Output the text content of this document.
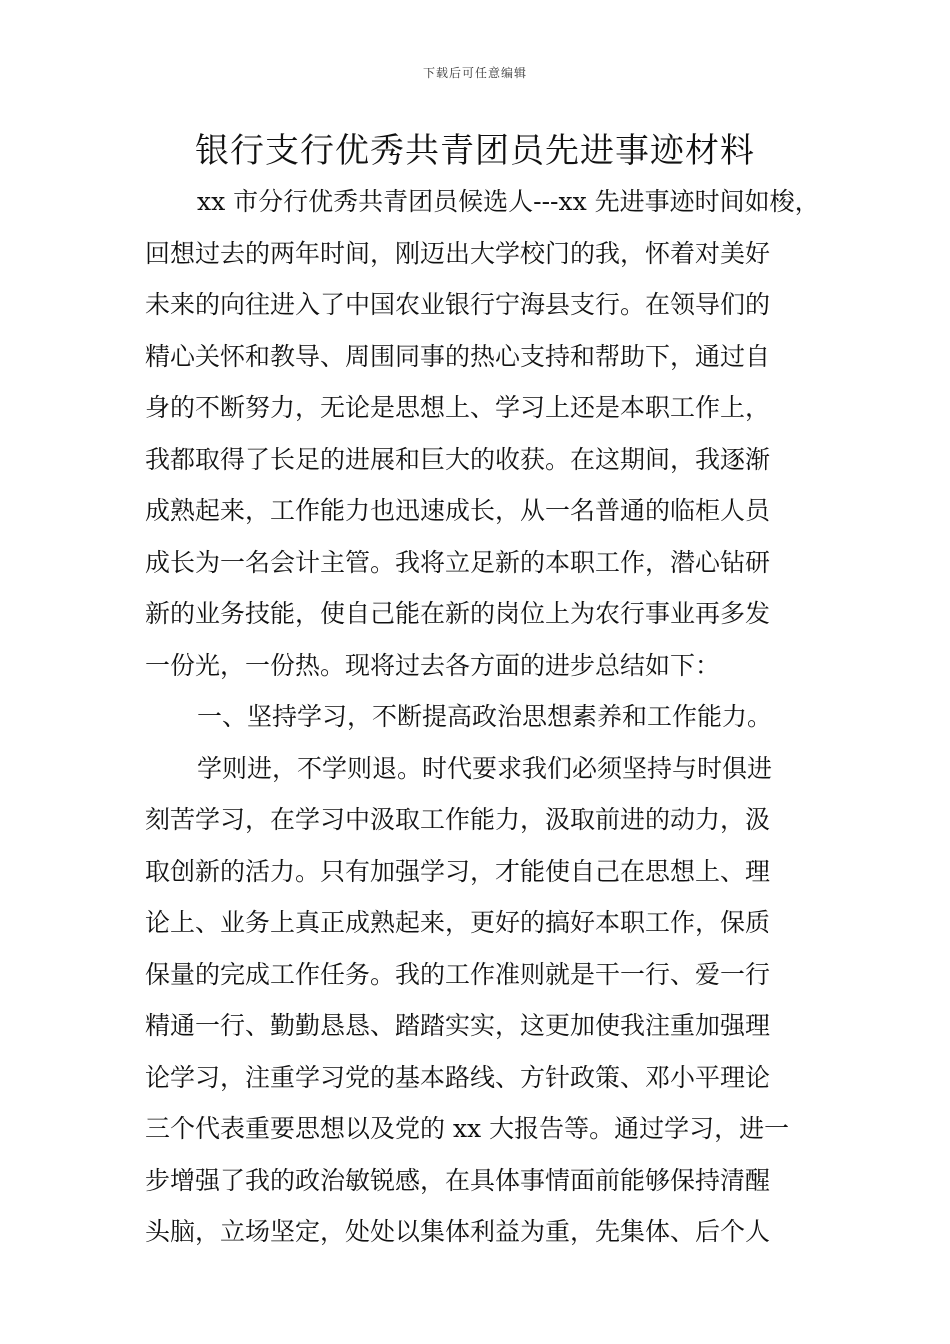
下载后可任意编辑
银行支行优秀共青团员先进事迹材料
xx 市分行优秀共青团员候选人---xx 先进事迹时间如梭，
回想过去的两年时间，刚迈出大学校门的我，怀着对美好
未来的向往进入了中国农业银行宁海县支行。在领导们的
精心关怀和教导、周围同事的热心支持和帮助下，通过自
身的不断努力，无论是思想上、学习上还是本职工作上，
我都取得了长足的进展和巨大的收获。在这期间，我逐渐
成熟起来，工作能力也迅速成长，从一名普通的临柜人员
成长为一名会计主管。我将立足新的本职工作，潜心钻研
新的业务技能，使自己能在新的岗位上为农行事业再多发
一份光，一份热。现将过去各方面的进步总结如下：
一、坚持学习，不断提高政治思想素养和工作能力。
学则进，不学则退。时代要求我们必须坚持与时俱进
刻苦学习，在学习中汲取工作能力，汲取前进的动力，汲
取创新的活力。只有加强学习，才能使自己在思想上、理
论上、业务上真正成熟起来，更好的搞好本职工作，保质
保量的完成工作任务。我的工作准则就是干一行、爱一行
精通一行、勤勤恳恳、踏踏实实，这更加使我注重加强理
论学习，注重学习党的基本路线、方针政策、邓小平理论
三个代表重要思想以及党的 xx 大报告等。通过学习，进一
步增强了我的政治敏锐感，在具体事情面前能够保持清醒
头脑，立场坚定，处处以集体利益为重，先集体、后个人
